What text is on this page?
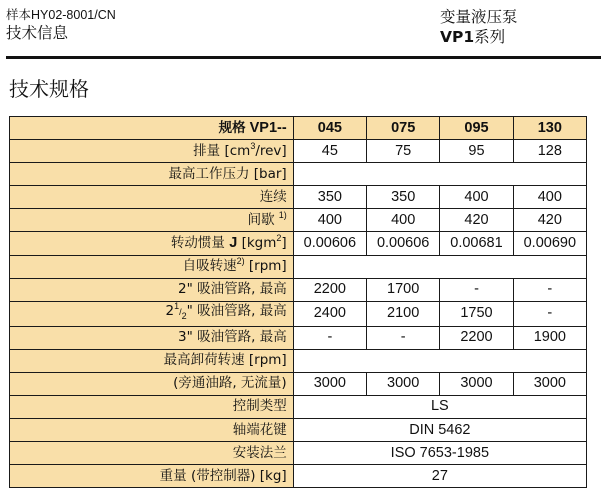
样本HY02-8001/CN
技术信息
变量液压泵
VP1系列
技术规格
规格 VP1--	045	075	095	130
排量 $[cm^3/rev]$	45	75	95	128
最高工作压力 [bar]				
连续	350	350	400	400
间歇 $^{1)}$	400	400	420	420
转动惯量 J [kgm$^2$]	0.00606	0.00606	0.00681	0.00690
自吸转速$^{2)}$ [rpm]				
2" 吸油管路, 最高	2200	1700	-	-
$2^1/_2$" 吸油管路, 最高	2400	2100	1750	-
3" 吸油管路, 最高	-	-	2200	1900
最高卸荷转速 [rpm]				
(旁通油路, 无流量)	3000	3000	3000	3000
控制类型	LS			
轴端花键	DIN 5462			
安装法兰	ISO 7653-1985			
重量 (带控制器) [kg]	27			
